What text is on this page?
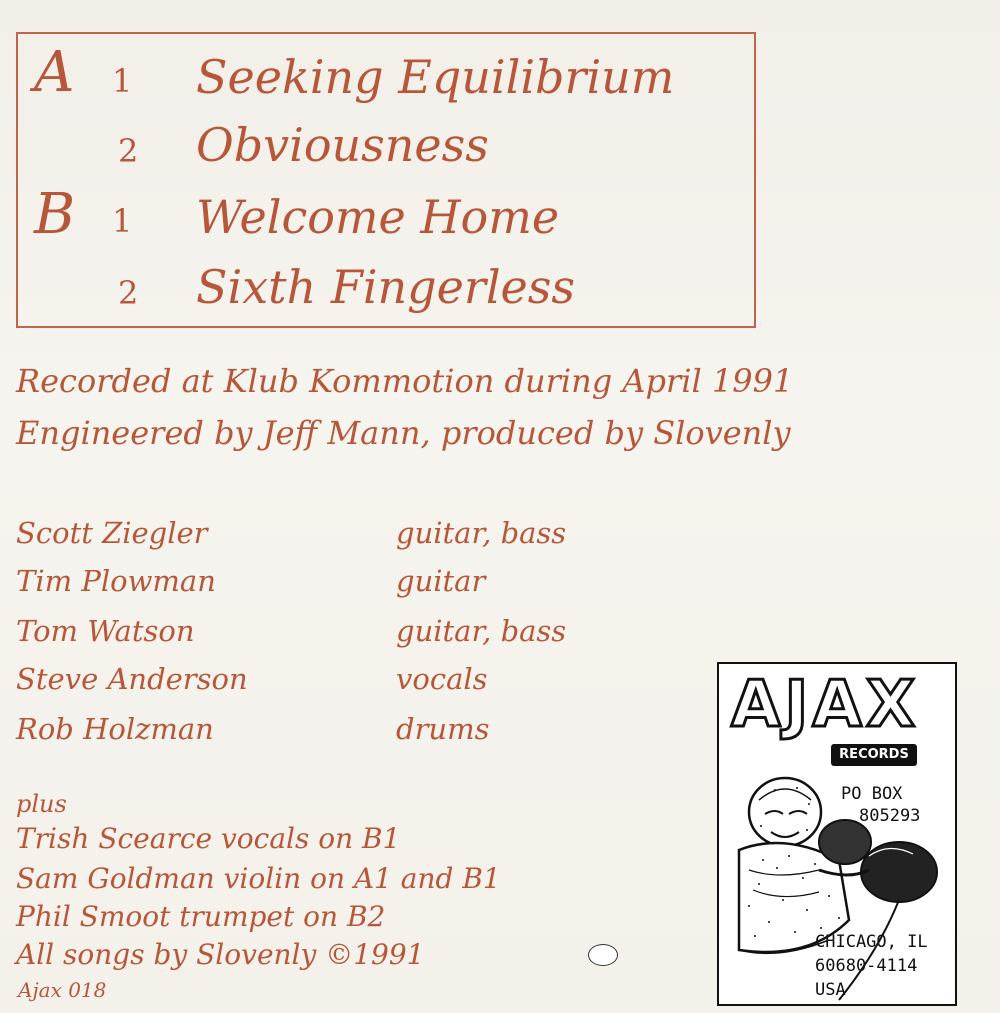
A 1 Seeking Equilibrium
2 Obviousness
B 1 Welcome Home
2 Sixth Fingerless
Recorded at Klub Kommotion during April 1991
Engineered by Jeff Mann, produced by Slovenly
Scott Ziegler	guitar, bass
Tim Plowman	guitar
Tom Watson	guitar, bass
Steve Anderson	vocals
Rob Holzman	drums
plus
Trish Scearce vocals on B1
Sam Goldman violin on A1 and B1
Phil Smoot trumpet on B2
All songs by Slovenly ©1991
Ajax 018
AJAX
RECORDS
PO BOX
805293
CHICAGO, IL
60680-4114
USA
